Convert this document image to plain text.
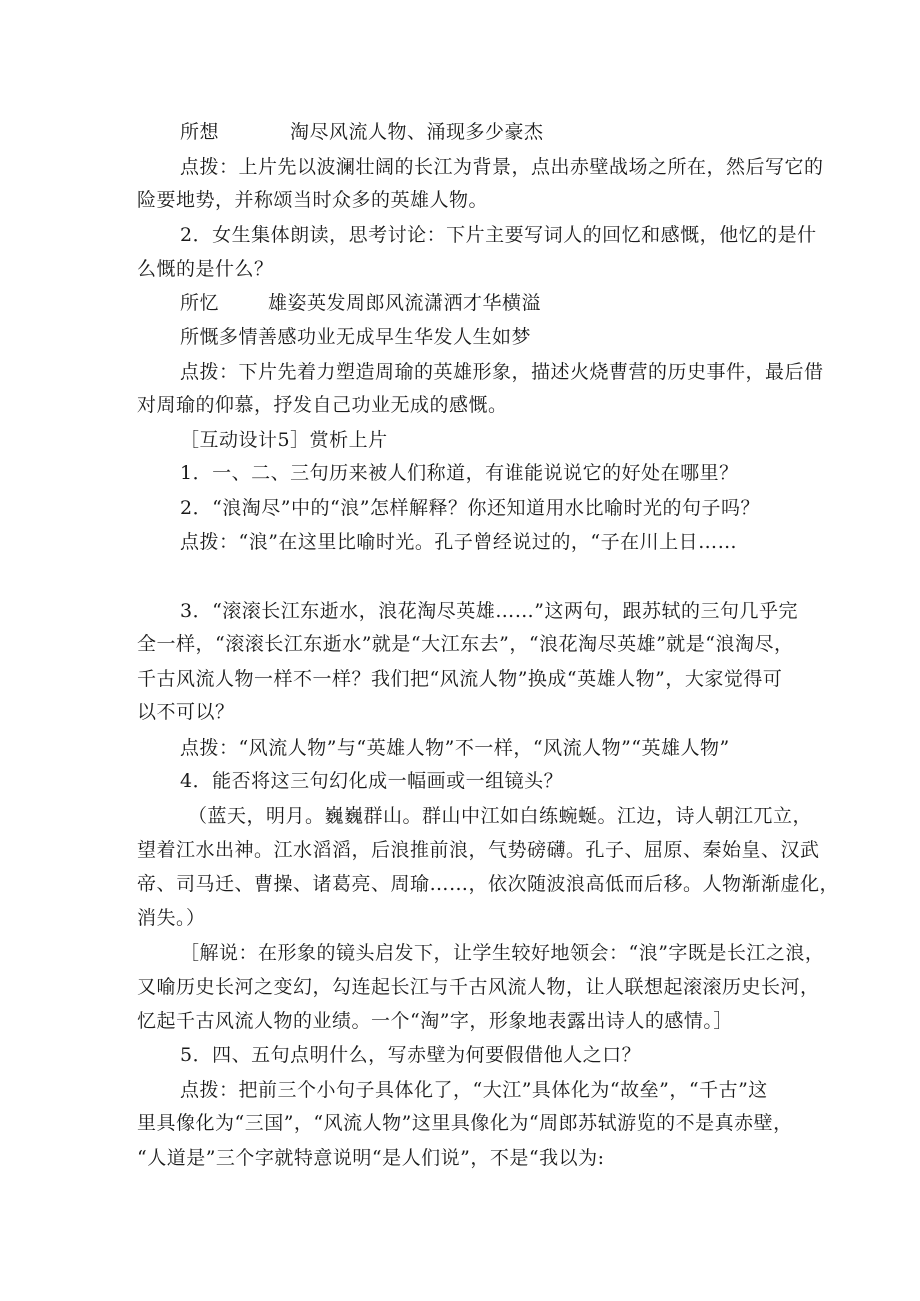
所想	淘尽风流人物、涌现多少豪杰
点拨：上片先以波澜壮阔的长江为背景，点出赤壁战场之所在，然后写它的
险要地势，并称颂当时众多的英雄人物。
2．女生集体朗读，思考讨论：下片主要写词人的回忆和感慨，他忆的是什
么慨的是什么？
所忆	雄姿英发周郎风流潇洒才华横溢
所慨多情善感功业无成早生华发人生如梦
点拨：下片先着力塑造周瑜的英雄形象，描述火烧曹营的历史事件，最后借
对周瑜的仰慕，抒发自己功业无成的感慨。
［互动设计5］赏析上片
1．一、二、三句历来被人们称道，有谁能说说它的好处在哪里？
2．“浪淘尽”中的“浪”怎样解释？你还知道用水比喻时光的句子吗？
点拨：“浪”在这里比喻时光。孔子曾经说过的，“子在川上日……
3．“滚滚长江东逝水，浪花淘尽英雄……”这两句，跟苏轼的三句几乎完
全一样，“滚滚长江东逝水”就是“大江东去”，“浪花淘尽英雄”就是“浪淘尽，
千古风流人物一样不一样？我们把“风流人物”换成“英雄人物”，大家觉得可
以不可以？
点拨：“风流人物”与“英雄人物”不一样，“风流人物”“英雄人物”
4．能否将这三句幻化成一幅画或一组镜头？
（蓝天，明月。巍巍群山。群山中江如白练蜿蜒。江边，诗人朝江兀立，
望着江水出神。江水滔滔，后浪推前浪，气势磅礴。孔子、屈原、秦始皇、汉武
帝、司马迁、曹操、诸葛亮、周瑜……，依次随波浪高低而后移。人物渐渐虚化，
消失。）
［解说：在形象的镜头启发下，让学生较好地领会：“浪”字既是长江之浪，
又喻历史长河之变幻，勾连起长江与千古风流人物，让人联想起滚滚历史长河，
忆起千古风流人物的业绩。一个“淘”字，形象地表露出诗人的感情。］
5．四、五句点明什么，写赤壁为何要假借他人之口？
点拨：把前三个小句子具体化了，“大江”具体化为“故垒”，“千古”这
里具像化为“三国”，“风流人物”这里具像化为“周郎苏轼游览的不是真赤壁，
“人道是”三个字就特意说明“是人们说”，不是“我以为:
